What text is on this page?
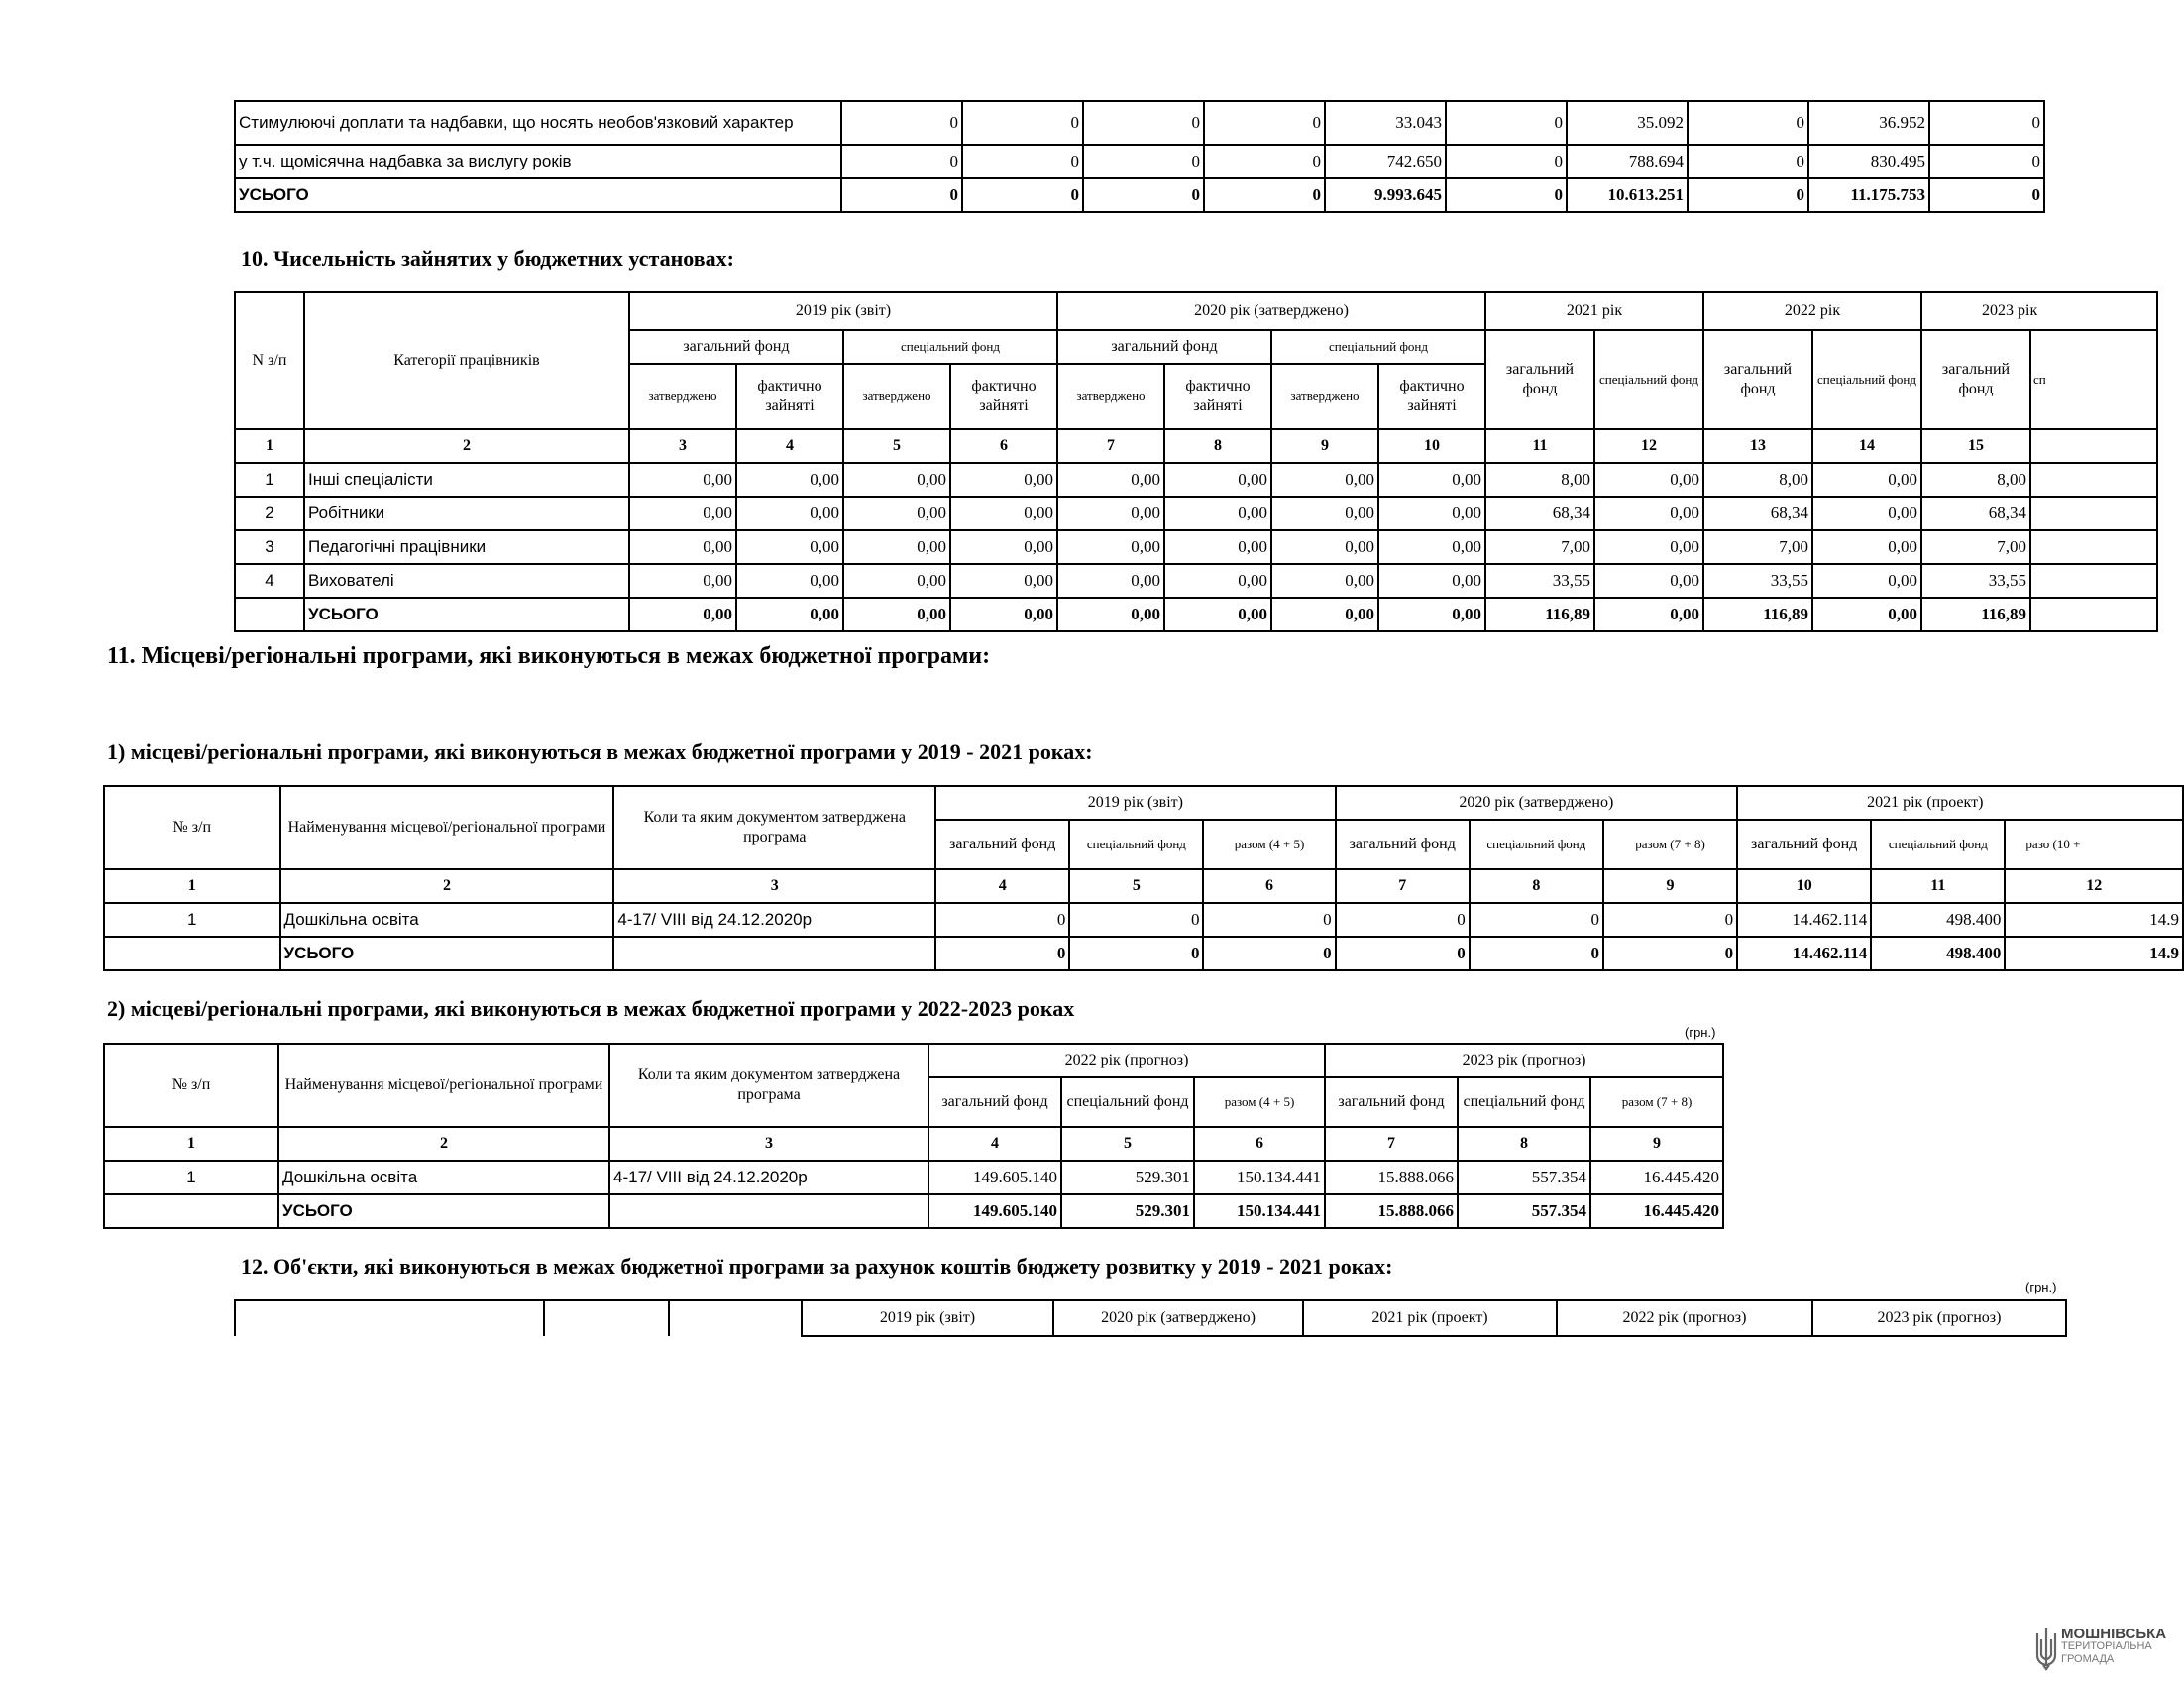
Стимулюючі доплати та надбавки, що носять необов'язковий характер	0	0	0	0	33.043	0	35.092	0	36.952	0
у т.ч. щомісячна надбавка за вислугу років	0	0	0	0	742.650	0	788.694	0	830.495	0
УСЬОГО	0	0	0	0	9.993.645	0	10.613.251	0	11.175.753	0
10. Чисельність зайнятих у бюджетних установах:
N з/п	Категорії працівників	2019 рік (звіт)				2020 рік (затверджено)				2021 рік		2022 рік		2023 рік	
		загальний фонд		спеціальний фонд		загальний фонд		спеціальний фонд		загальний фонд	спеціальний фонд	загальний фонд	спеціальний фонд	загальний фонд	сп
		затверджено	фактично зайняті	затверджено	фактично зайняті	затверджено	фактично зайняті	затверджено	фактично зайняті						
1	2	3	4	5	6	7	8	9	10	11	12	13	14	15	
1	Інші спеціалісти	0,00	0,00	0,00	0,00	0,00	0,00	0,00	0,00	8,00	0,00	8,00	0,00	8,00	
2	Робітники	0,00	0,00	0,00	0,00	0,00	0,00	0,00	0,00	68,34	0,00	68,34	0,00	68,34	
3	Педагогічні працівники	0,00	0,00	0,00	0,00	0,00	0,00	0,00	0,00	7,00	0,00	7,00	0,00	7,00	
4	Вихователі	0,00	0,00	0,00	0,00	0,00	0,00	0,00	0,00	33,55	0,00	33,55	0,00	33,55	
	УСЬОГО	0,00	0,00	0,00	0,00	0,00	0,00	0,00	0,00	116,89	0,00	116,89	0,00	116,89	
11. Місцеві/регіональні програми, які виконуються в межах бюджетної програми:
1) місцеві/регіональні програми, які виконуються в межах бюджетної програми у 2019 - 2021 роках:
№ з/п	Найменування місцевої/регіональної програми	Коли та яким документом затверджена програма	2019 рік (звіт)			2020 рік (затверджено)			2021 рік (проект)		
			загальний фонд	спеціальний фонд	разом (4 + 5)	загальний фонд	спеціальний фонд	разом (7 + 8)	загальний фонд	спеціальний фонд	разо (10 +
1	2	3	4	5	6	7	8	9	10	11	12
1	Дошкільна освіта	4-17/ VIII від 24.12.2020р	0	0	0	0	0	0	14.462.114	498.400	14.9
	УСЬОГО		0	0	0	0	0	0	14.462.114	498.400	14.9
2) місцеві/регіональні програми, які виконуються в межах бюджетної програми у 2022-2023 роках
(грн.)
№ з/п	Найменування місцевої/регіональної програми	Коли та яким документом затверджена програма	2022 рік (прогноз)			2023 рік (прогноз)		
			загальний фонд	спеціальний фонд	разом (4 + 5)	загальний фонд	спеціальний фонд	разом (7 + 8)
1	2	3	4	5	6	7	8	9
1	Дошкільна освіта	4-17/ VIII від 24.12.2020р	149.605.140	529.301	150.134.441	15.888.066	557.354	16.445.420
	УСЬОГО		149.605.140	529.301	150.134.441	15.888.066	557.354	16.445.420
12. Об'єкти, які виконуються в межах бюджетної програми за рахунок коштів бюджету розвитку у 2019 - 2021 роках:
(грн.)
			2019 рік (звіт)	2020 рік (затверджено)	2021 рік (проект)	2022 рік (прогноз)	2023 рік (прогноз)
МОШНІВСЬКА
ТЕРИТОРІАЛЬНА
ГРОМАДА
